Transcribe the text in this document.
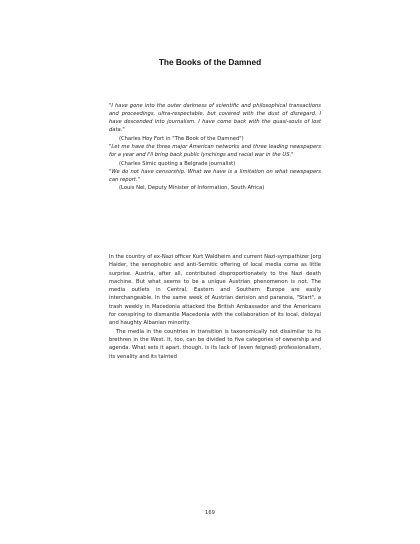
The Books of the Damned

"I have gone into the outer darkness of scientific and philosophical transactions and proceedings, ultra-respectable, but covered with the dust of disregard. I have descended into journalism. I have come back with the quasi-souls of lost data."

(Charles Hoy Fort in "The Book of the Damned")

"Let me have the three major American networks and three leading newspapers for a year and I'll bring back public lynchings and racial war in the US."

(Charles Simic quoting a Belgrade journalist)

"We do not have censorship. What we have is a limitation on what newspapers can report."

(Louis Nel, Deputy Minister of Information, South Africa)

In the country of ex-Nazi officer Kurt Waldheim and current Nazi-sympathizer Jorg Haider, the xenophobic and anti-Semitic offering of local media come as little surprise. Austria, after all, contributed disproportionately to the Nazi death machine. But what seems to be a unique Austrian phenomenon is not. The media outlets in Central, Eastern and Southern Europe are easily interchangeable. In the same week of Austrian derision and paranoia, "Start", a trash weekly in Macedonia attacked the British Ambassador and the Americans for conspiring to dismantle Macedonia with the collaboration of its local, disloyal and haughty Albanian minority.

The media in the countries in transition is taxonomically not dissimilar to its brethren in the West. It, too, can be divided to five categories of ownership and agenda. What sets it apart, though, is its lack of (even feigned) professionalism, its venality and its tainted

169
